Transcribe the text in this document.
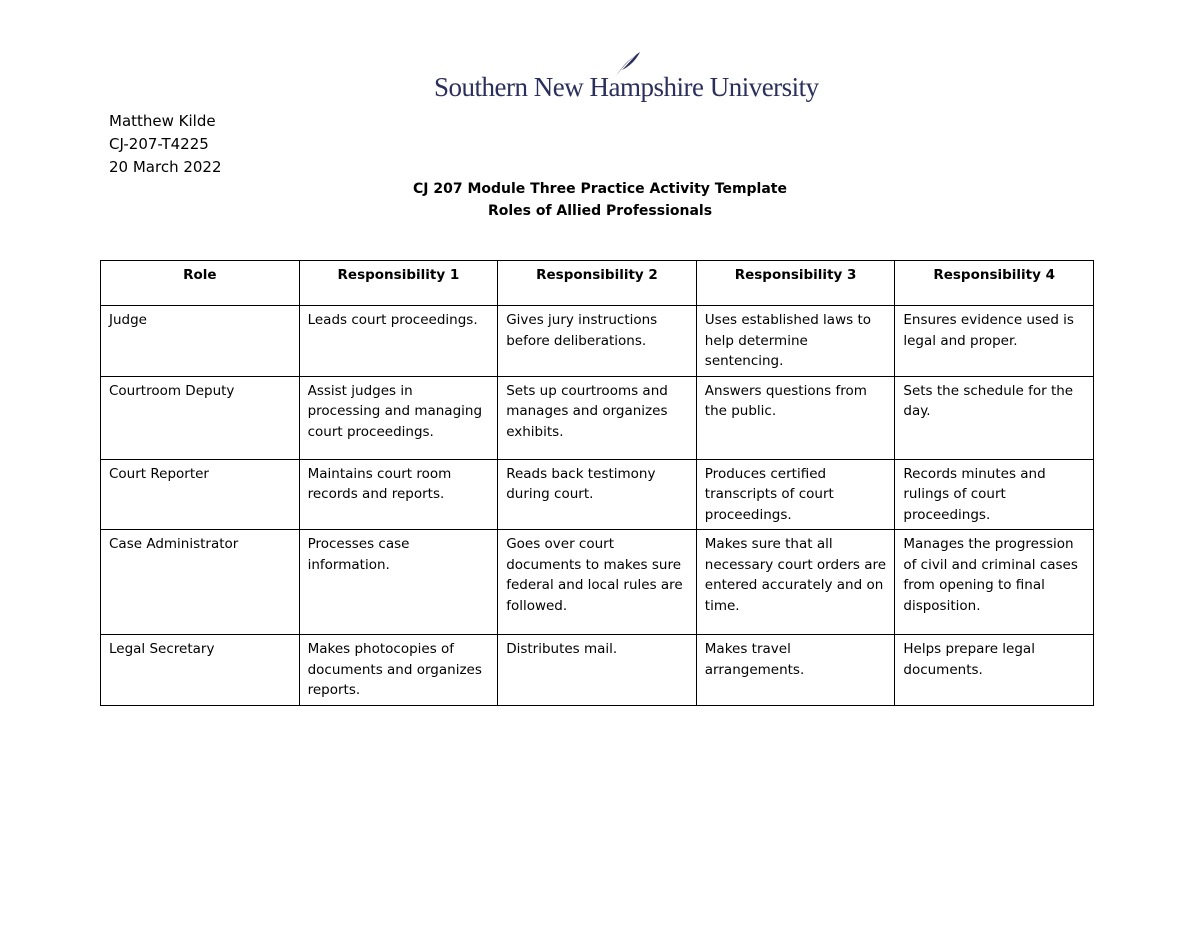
Southern New Hampshire University
Matthew Kilde
CJ-207-T4225
20 March 2022
CJ 207 Module Three Practice Activity Template
Roles of Allied Professionals
Role	Responsibility 1	Responsibility 2	Responsibility 3	Responsibility 4
Judge	Leads court proceedings.	Gives jury instructions before deliberations.	Uses established laws to help determine sentencing.	Ensures evidence used is legal and proper.
Courtroom Deputy	Assist judges in processing and managing court proceedings.	Sets up courtrooms and manages and organizes exhibits.	Answers questions from the public.	Sets the schedule for the day.
Court Reporter	Maintains court room records and reports.	Reads back testimony during court.	Produces certified transcripts of court proceedings.	Records minutes and rulings of court proceedings.
Case Administrator	Processes case information.	Goes over court documents to makes sure federal and local rules are followed.	Makes sure that all necessary court orders are entered accurately and on time.	Manages the progression of civil and criminal cases from opening to final disposition.
Legal Secretary	Makes photocopies of documents and organizes reports.	Distributes mail.	Makes travel arrangements.	Helps prepare legal documents.
